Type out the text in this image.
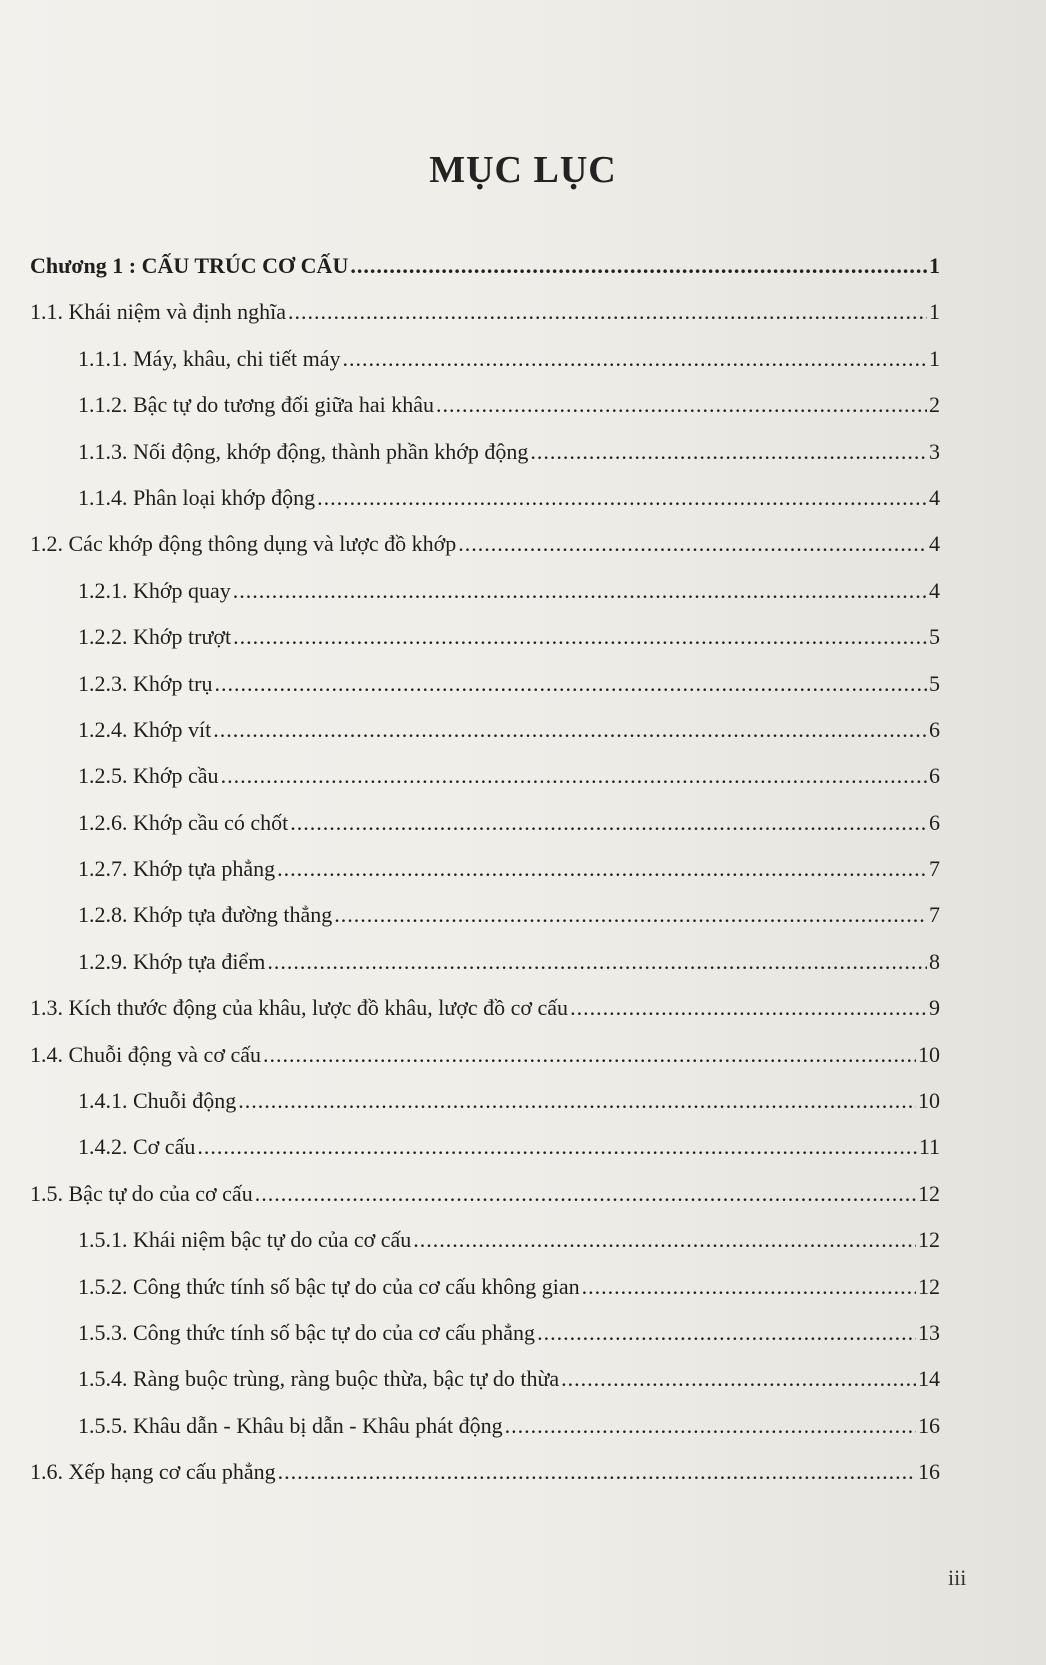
MỤC LỤC
Chương 1 : CẤU TRÚC CƠ CẤU .....	1
1.1. Khái niệm và định nghĩa .....	1
1.1.1. Máy, khâu, chi tiết máy .....	1
1.1.2. Bậc tự do tương đối giữa hai khâu .....	2
1.1.3. Nối động, khớp động, thành phần khớp động .....	3
1.1.4. Phân loại khớp động .....	4
1.2. Các khớp động thông dụng và lược đồ khớp .....	4
1.2.1. Khớp quay .....	4
1.2.2. Khớp trượt .....	5
1.2.3. Khớp trụ .....	5
1.2.4. Khớp vít .....	6
1.2.5. Khớp cầu .....	6
1.2.6. Khớp cầu có chốt .....	6
1.2.7. Khớp tựa phẳng .....	7
1.2.8. Khớp tựa đường thẳng .....	7
1.2.9. Khớp tựa điểm .....	8
1.3. Kích thước động của khâu, lược đồ khâu, lược đồ cơ cấu .....	9
1.4. Chuỗi động và cơ cấu .....	10
1.4.1. Chuỗi động .....	10
1.4.2. Cơ cấu .....	11
1.5. Bậc tự do của cơ cấu .....	12
1.5.1. Khái niệm bậc tự do của cơ cấu .....	12
1.5.2. Công thức tính số bậc tự do của cơ cấu không gian .....	12
1.5.3. Công thức tính số bậc tự do của cơ cấu phẳng .....	13
1.5.4. Ràng buộc trùng, ràng buộc thừa, bậc tự do thừa .....	14
1.5.5. Khâu dẫn - Khâu bị dẫn - Khâu phát động .....	16
1.6. Xếp hạng cơ cấu phẳng .....	16
iii
